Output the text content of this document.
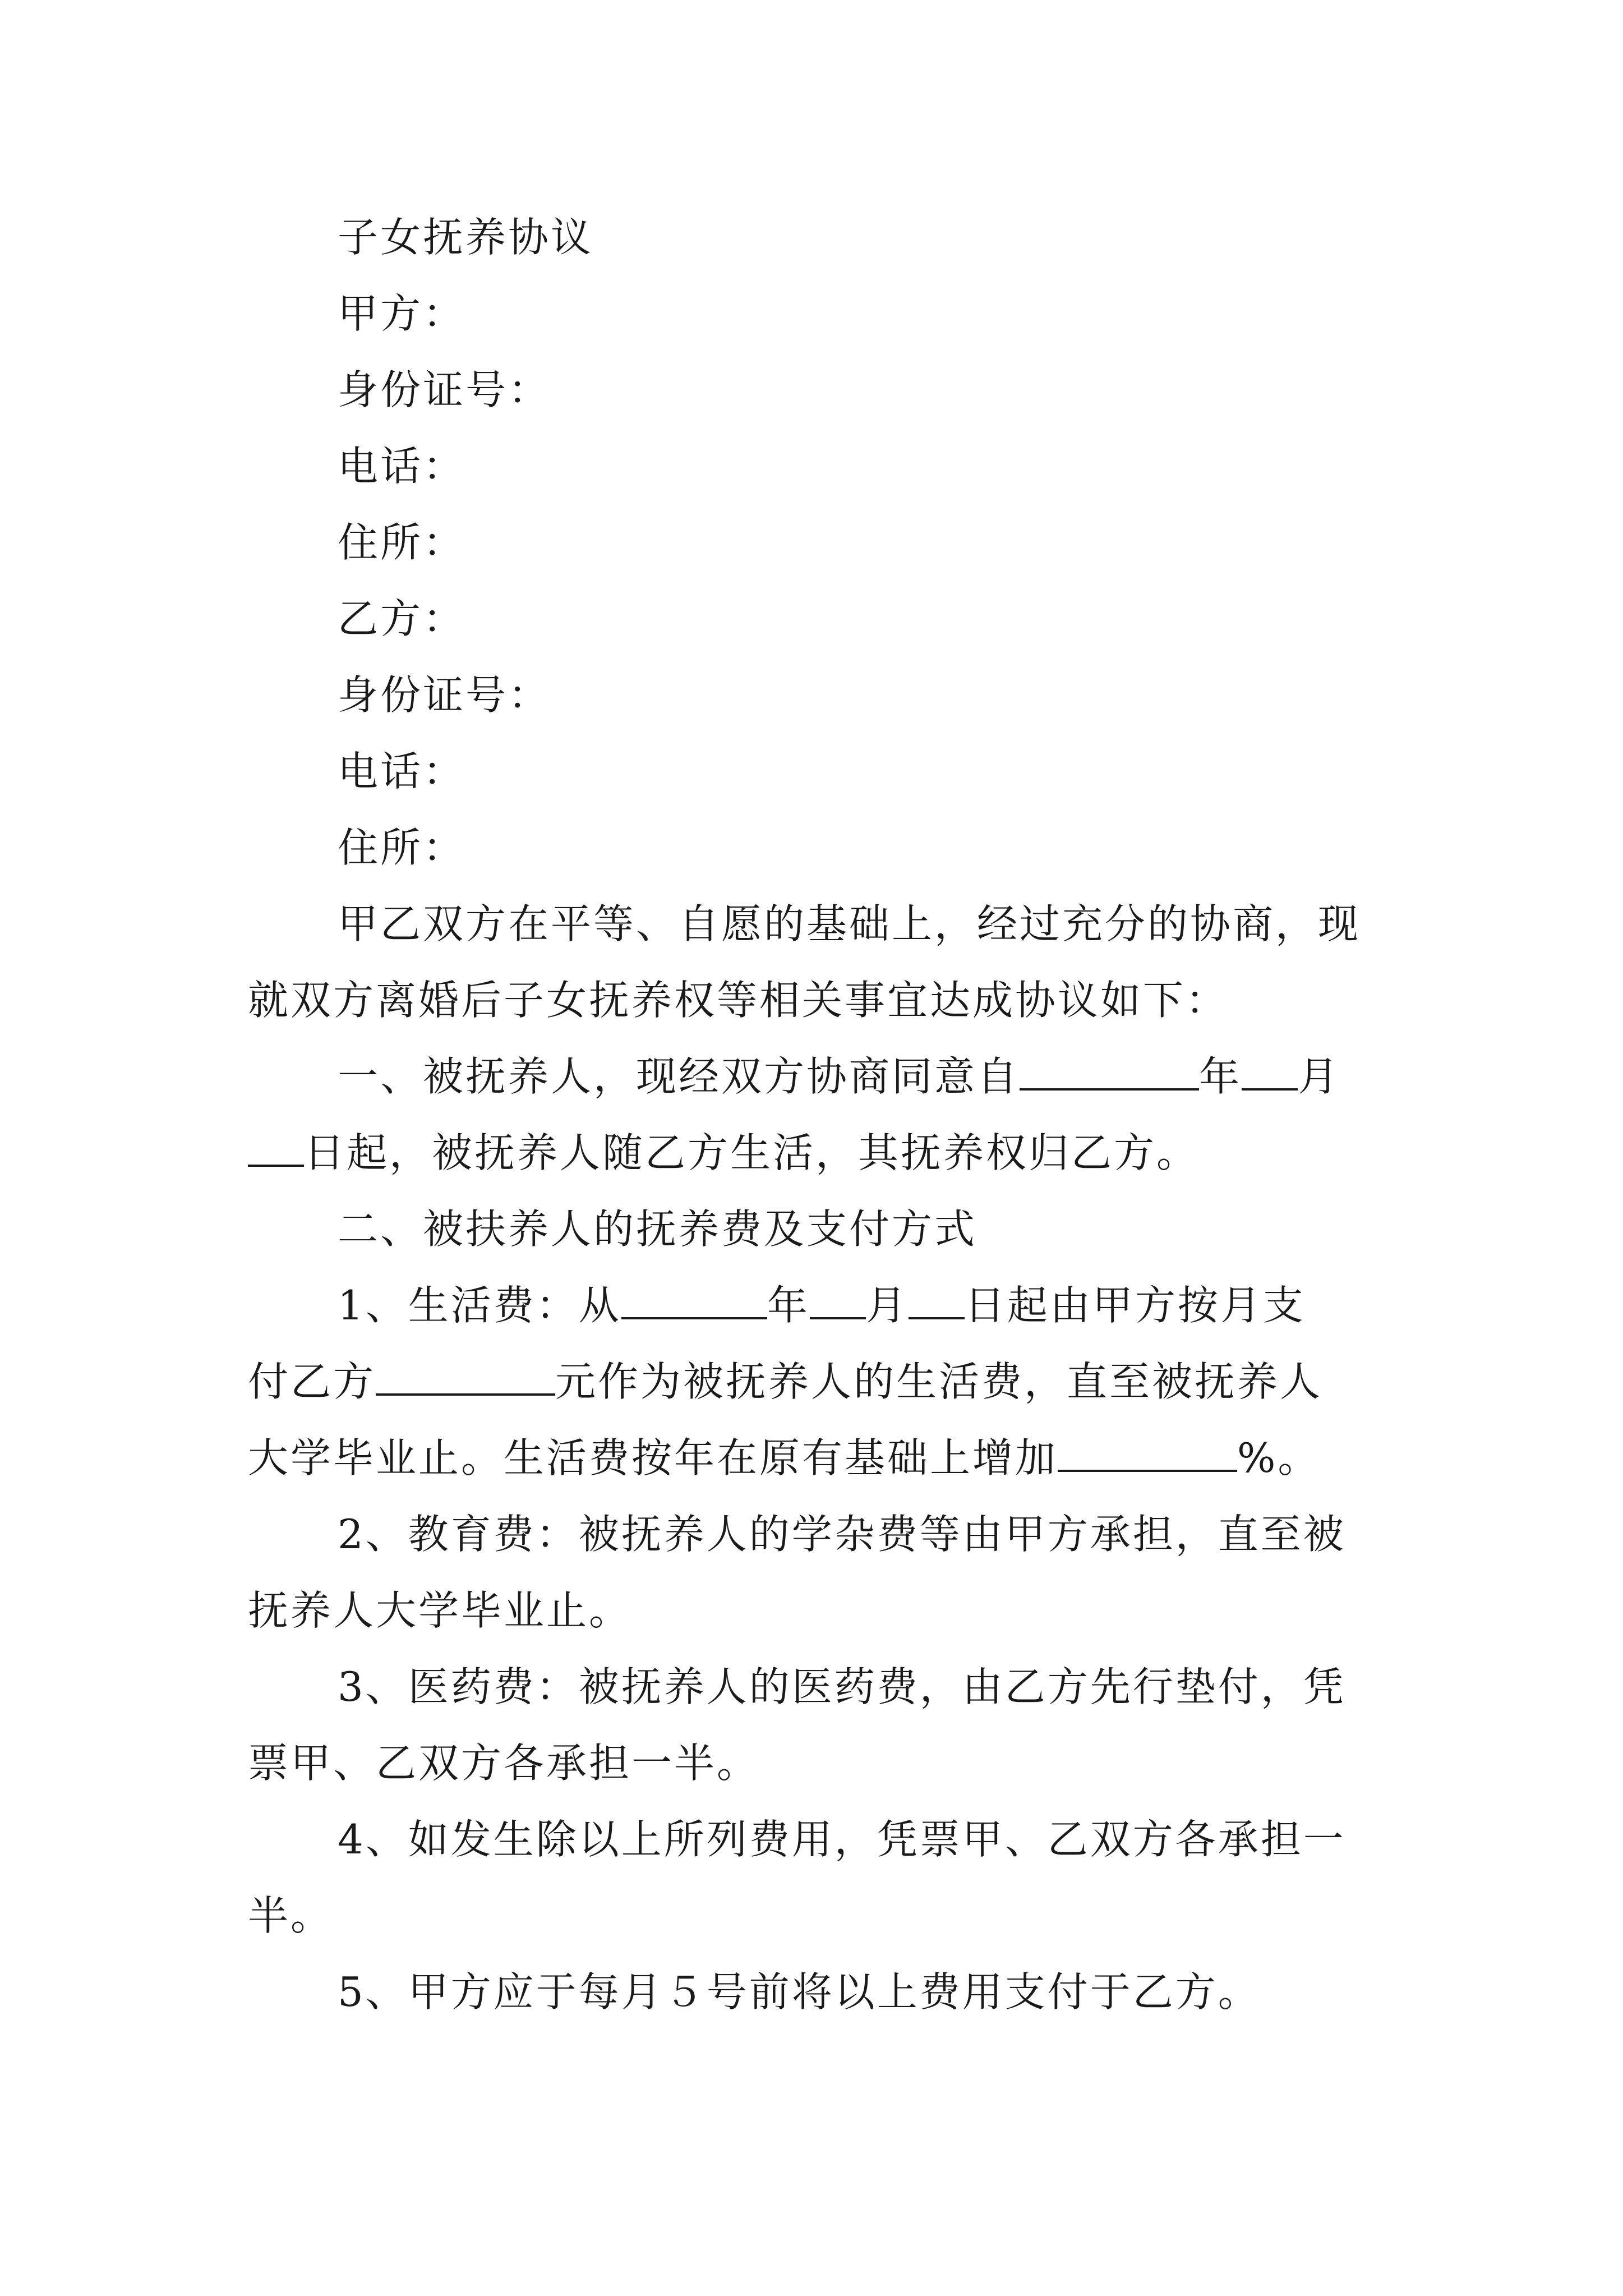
子女抚养协议
甲方：
身份证号：
电话：
住所：
乙方：
身份证号：
电话：
住所：
甲乙双方在平等、自愿的基础上，经过充分的协商，现
就双方离婚后子女抚养权等相关事宜达成协议如下：
一、被抚养人，现经双方协商同意自	年 月
日起，被抚养人随乙方生活，其抚养权归乙方。
二、被扶养人的抚养费及支付方式
1、生活费：从	年 月 日起由甲方按月支
付乙方	元作为被抚养人的生活费，直至被抚养人
大学毕业止。生活费按年在原有基础上增加	%。
2、教育费：被抚养人的学杂费等由甲方承担，直至被
抚养人大学毕业止。
3、医药费：被抚养人的医药费，由乙方先行垫付，凭
票甲、乙双方各承担一半。
4、如发生除以上所列费用，凭票甲、乙双方各承担一
半。
5、甲方应于每月５号前将以上费用支付于乙方。
